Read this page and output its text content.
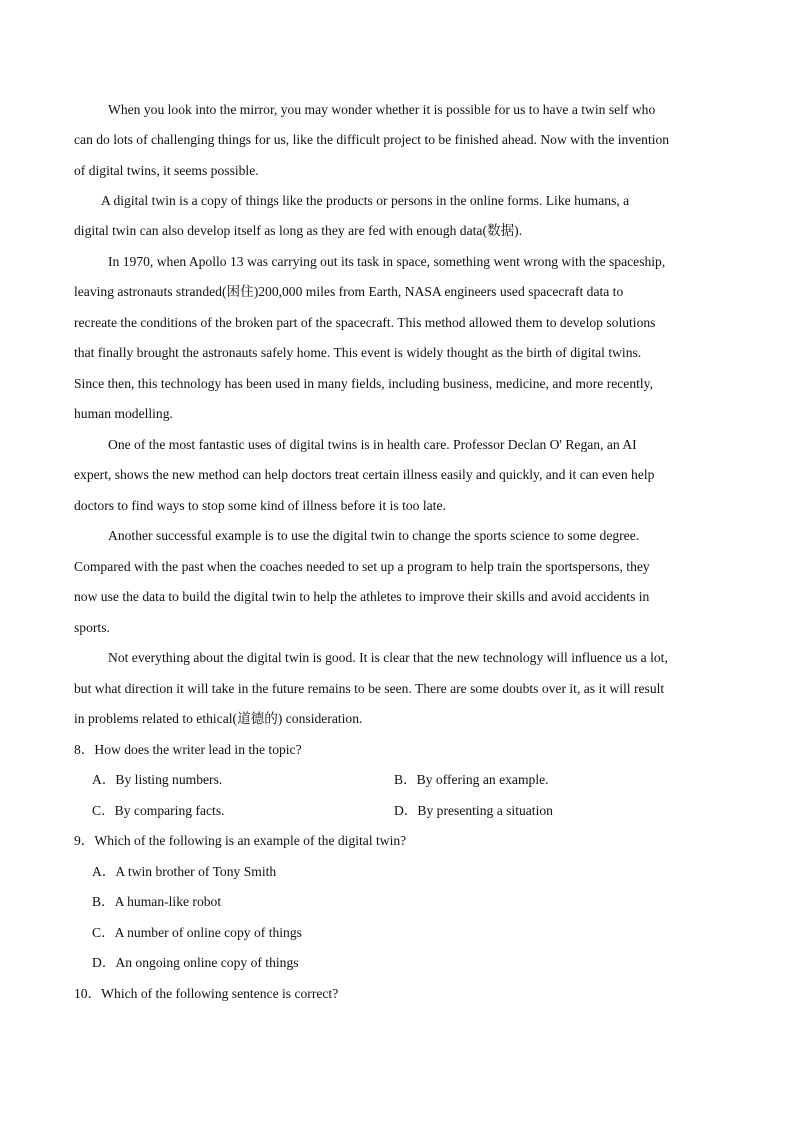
When you look into the mirror, you may wonder whether it is possible for us to have a twin self who
can do lots of challenging things for us, like the difficult project to be finished ahead. Now with the invention
of digital twins, it seems possible.
A digital twin is a copy of things like the products or persons in the online forms. Like humans, a
digital twin can also develop itself as long as they are fed with enough data(数据).
In 1970, when Apollo 13 was carrying out its task in space, something went wrong with the spaceship,
leaving astronauts stranded(困住)200,000 miles from Earth, NASA engineers used spacecraft data to
recreate the conditions of the broken part of the spacecraft. This method allowed them to develop solutions
that finally brought the astronauts safely home. This event is widely thought as the birth of digital twins.
Since then, this technology has been used in many fields, including business, medicine, and more recently,
human modelling.
One of the most fantastic uses of digital twins is in health care. Professor Declan O' Regan, an AI
expert, shows the new method can help doctors treat certain illness easily and quickly, and it can even help
doctors to find ways to stop some kind of illness before it is too late.
Another successful example is to use the digital twin to change the sports science to some degree.
Compared with the past when the coaches needed to set up a program to help train the sportspersons, they
now use the data to build the digital twin to help the athletes to improve their skills and avoid accidents in
sports.
Not everything about the digital twin is good. It is clear that the new technology will influence us a lot,
but what direction it will take in the future remains to be seen. There are some doubts over it, as it will result
in problems related to ethical(道德的) consideration.
8．How does the writer lead in the topic?
A．By listing numbers.	B．By offering an example.
C．By comparing facts.	D．By presenting a situation
9．Which of the following is an example of the digital twin?
A．A twin brother of Tony Smith
B．A human-like robot
C．A number of online copy of things
D．An ongoing online copy of things
10．Which of the following sentence is correct?
